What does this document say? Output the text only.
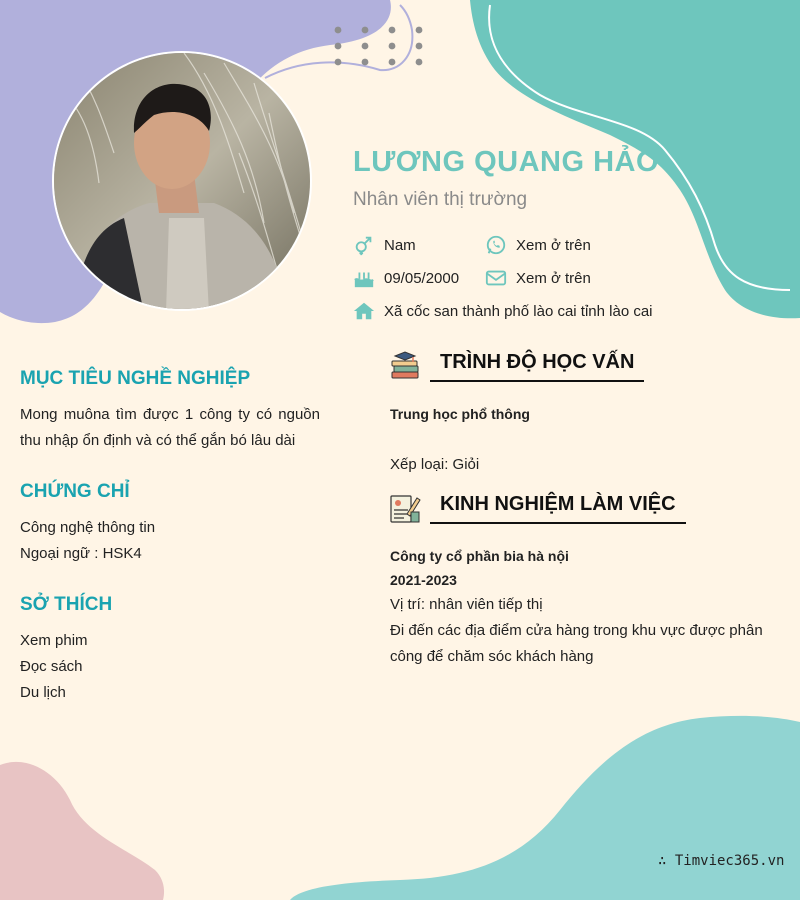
LƯƠNG QUANG HẢO
Nhân viên thị trường
Nam	Xem ở trên
09/05/2000	Xem ở trên
Xã cốc san thành phố lào cai tỉnh lào cai
MỤC TIÊU NGHỀ NGHIỆP
Mong muôna tìm được 1 công ty có nguồn thu nhập ổn định và có thể gắn bó lâu dài
CHỨNG CHỈ
Công nghệ thông tin
Ngoại ngữ : HSK4
SỞ THÍCH
Xem phim
Đọc sách
Du lịch
TRÌNH ĐỘ HỌC VẤN
Trung học phổ thông
Xếp loại: Giỏi
KINH NGHIỆM LÀM VIỆC
Công ty cổ phần bia hà nội
2021-2023
Vị trí: nhân viên tiếp thị
Đi đến các địa điểm cửa hàng trong khu vực được phân công để chăm sóc khách hàng
∴ Timviec365.vn
